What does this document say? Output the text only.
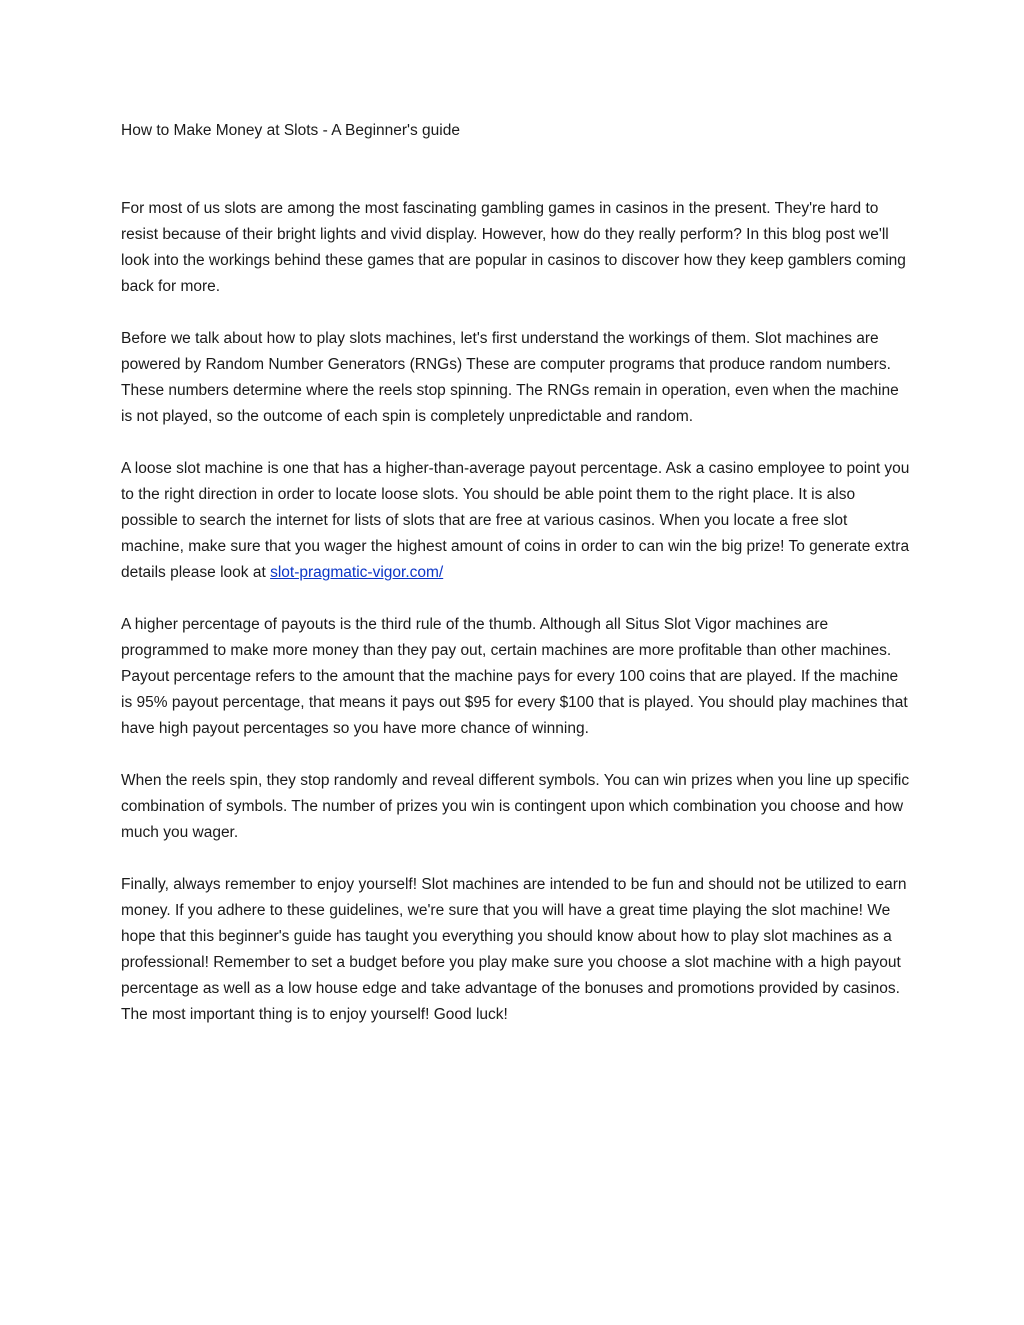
How to Make Money at Slots - A Beginner's guide

For most of us slots are among the most fascinating gambling games in casinos in the present. They're hard to resist because of their bright lights and vivid display. However, how do they really perform? In this blog post we'll look into the workings behind these games that are popular in casinos to discover how they keep gamblers coming back for more.

Before we talk about how to play slots machines, let's first understand the workings of them. Slot machines are powered by Random Number Generators (RNGs) These are computer programs that produce random numbers. These numbers determine where the reels stop spinning. The RNGs remain in operation, even when the machine is not played, so the outcome of each spin is completely unpredictable and random.

A loose slot machine is one that has a higher-than-average payout percentage. Ask a casino employee to point you to the right direction in order to locate loose slots. You should be able point them to the right place. It is also possible to search the internet for lists of slots that are free at various casinos. When you locate a free slot machine, make sure that you wager the highest amount of coins in order to can win the big prize! To generate extra details please look at slot-pragmatic-vigor.com/

A higher percentage of payouts is the third rule of the thumb. Although all Situs Slot Vigor machines are programmed to make more money than they pay out, certain machines are more profitable than other machines. Payout percentage refers to the amount that the machine pays for every 100 coins that are played. If the machine is 95% payout percentage, that means it pays out $95 for every $100 that is played. You should play machines that have high payout percentages so you have more chance of winning.

When the reels spin, they stop randomly and reveal different symbols. You can win prizes when you line up specific combination of symbols. The number of prizes you win is contingent upon which combination you choose and how much you wager.

Finally, always remember to enjoy yourself! Slot machines are intended to be fun and should not be utilized to earn money. If you adhere to these guidelines, we're sure that you will have a great time playing the slot machine! We hope that this beginner's guide has taught you everything you should know about how to play slot machines as a professional! Remember to set a budget before you play make sure you choose a slot machine with a high payout percentage as well as a low house edge and take advantage of the bonuses and promotions provided by casinos. The most important thing is to enjoy yourself! Good luck!
